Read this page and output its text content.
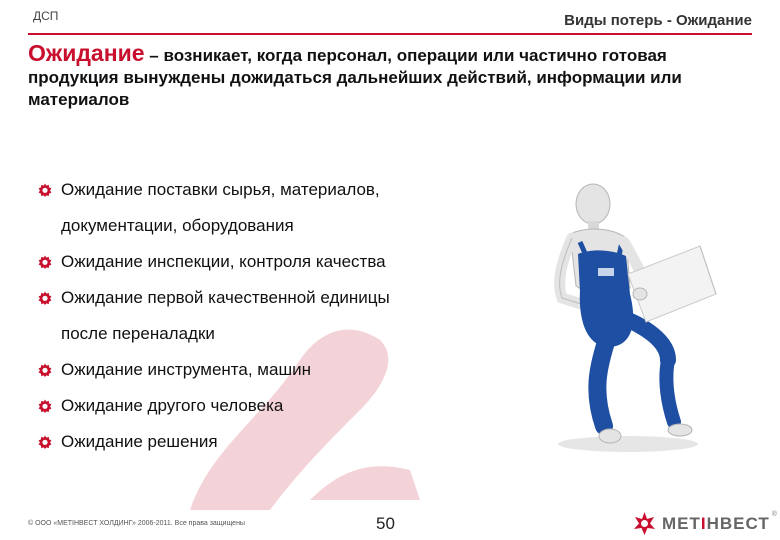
ДСП	Виды потерь - Ожидание
Ожидание – возникает, когда персонал, операции или частично готовая продукция вынуждены дожидаться дальнейших действий, информации или материалов
Ожидание поставки сырья, материалов,
документации, оборудования
Ожидание инспекции, контроля качества
Ожидание первой качественной единицы
после переналадки
Ожидание инструмента, машин
Ожидание другого человека
Ожидание решения
© ООО «МЕТІНВЕСТ ХОЛДИНГ» 2006-2011. Все права защищены	50	МЕТІНВЕСТ ®
